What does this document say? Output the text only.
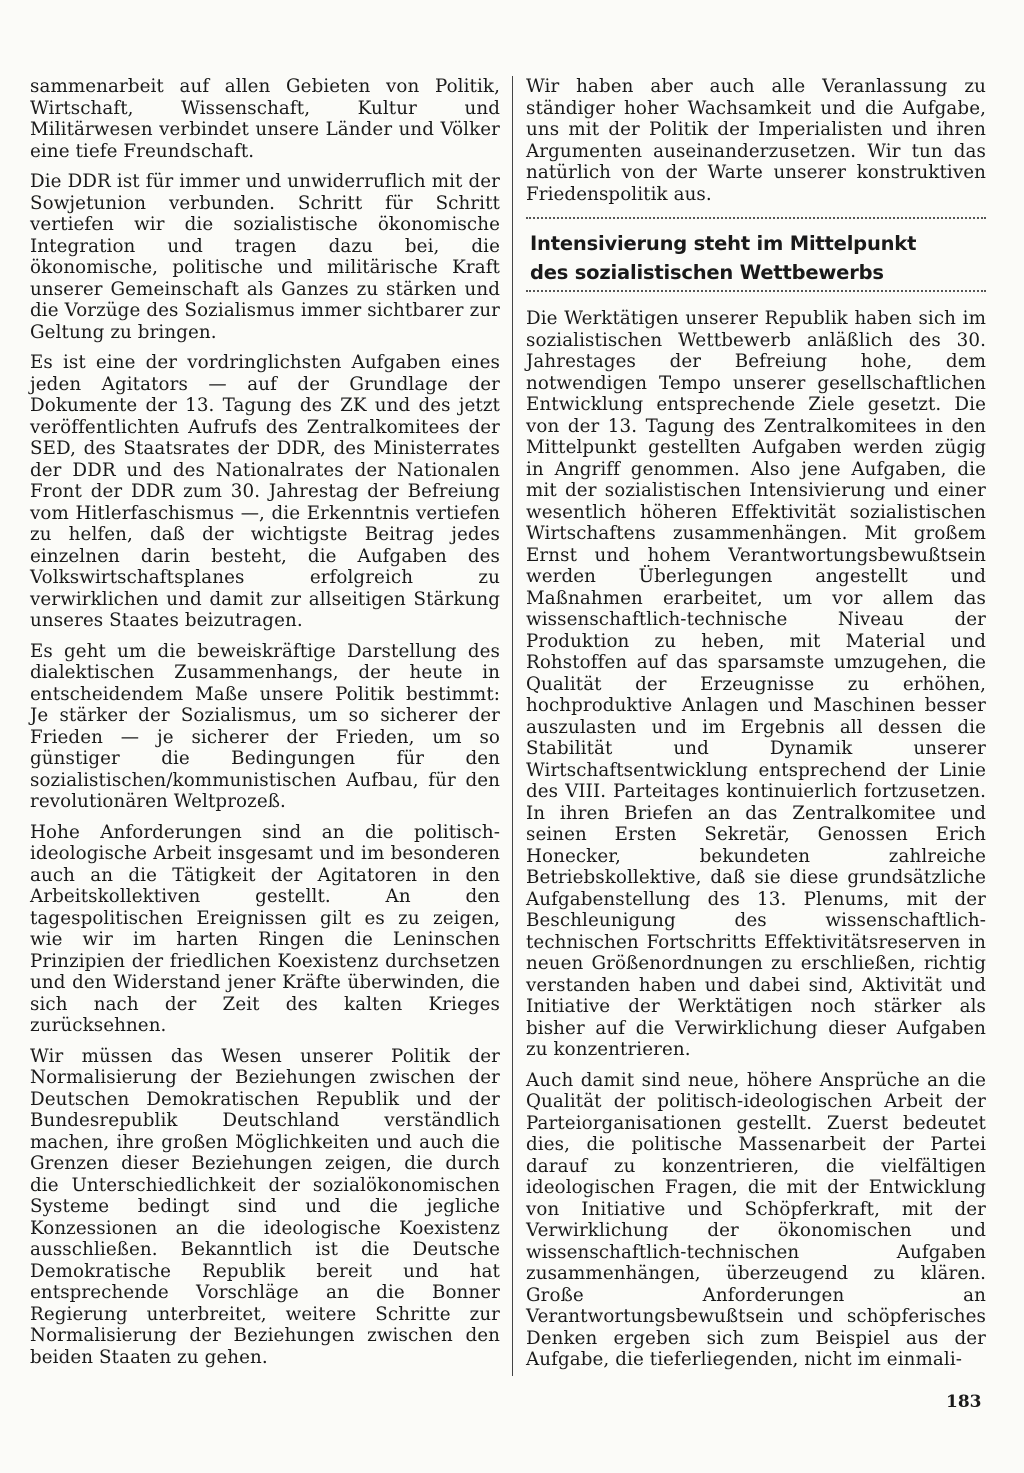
sammenarbeit auf allen Gebieten von Politik, Wirtschaft, Wissenschaft, Kultur und Militärwesen verbindet unsere Länder und Völker eine tiefe Freundschaft.

Die DDR ist für immer und unwiderruflich mit der Sowjetunion verbunden. Schritt für Schritt vertiefen wir die sozialistische ökonomische Integration und tragen dazu bei, die ökonomische, politische und militärische Kraft unserer Gemeinschaft als Ganzes zu stärken und die Vorzüge des Sozialismus immer sichtbarer zur Geltung zu bringen.

Es ist eine der vordringlichsten Aufgaben eines jeden Agitators — auf der Grundlage der Dokumente der 13. Tagung des ZK und des jetzt veröffentlichten Aufrufs des Zentralkomitees der SED, des Staatsrates der DDR, des Ministerrates der DDR und des Nationalrates der Nationalen Front der DDR zum 30. Jahrestag der Befreiung vom Hitlerfaschismus —, die Erkenntnis vertiefen zu helfen, daß der wichtigste Beitrag jedes einzelnen darin besteht, die Aufgaben des Volkswirtschaftsplanes erfolgreich zu verwirklichen und damit zur allseitigen Stärkung unseres Staates beizutragen.

Es geht um die beweiskräftige Darstellung des dialektischen Zusammenhangs, der heute in entscheidendem Maße unsere Politik bestimmt: Je stärker der Sozialismus, um so sicherer der Frieden — je sicherer der Frieden, um so günstiger die Bedingungen für den sozialistischen/kommunistischen Aufbau, für den revolutionären Weltprozeß.

Hohe Anforderungen sind an die politisch-ideologische Arbeit insgesamt und im besonderen auch an die Tätigkeit der Agitatoren in den Arbeitskollektiven gestellt. An den tagespolitischen Ereignissen gilt es zu zeigen, wie wir im harten Ringen die Leninschen Prinzipien der friedlichen Koexistenz durchsetzen und den Widerstand jener Kräfte überwinden, die sich nach der Zeit des kalten Krieges zurücksehnen.

Wir müssen das Wesen unserer Politik der Normalisierung der Beziehungen zwischen der Deutschen Demokratischen Republik und der Bundesrepublik Deutschland verständlich machen, ihre großen Möglichkeiten und auch die Grenzen dieser Beziehungen zeigen, die durch die Unterschiedlichkeit der sozialökonomischen Systeme bedingt sind und die jegliche Konzessionen an die ideologische Koexistenz ausschließen. Bekanntlich ist die Deutsche Demokratische Republik bereit und hat entsprechende Vorschläge an die Bonner Regierung unterbreitet, weitere Schritte zur Normalisierung der Beziehungen zwischen den beiden Staaten zu gehen.

Wir haben aber auch alle Veranlassung zu ständiger hoher Wachsamkeit und die Aufgabe, uns mit der Politik der Imperialisten und ihren Argumenten auseinanderzusetzen. Wir tun das natürlich von der Warte unserer konstruktiven Friedenspolitik aus.

Intensivierung steht im Mittelpunkt
des sozialistischen Wettbewerbs

Die Werktätigen unserer Republik haben sich im sozialistischen Wettbewerb anläßlich des 30. Jahrestages der Befreiung hohe, dem notwendigen Tempo unserer gesellschaftlichen Entwicklung entsprechende Ziele gesetzt. Die von der 13. Tagung des Zentralkomitees in den Mittelpunkt gestellten Aufgaben werden zügig in Angriff genommen. Also jene Aufgaben, die mit der sozialistischen Intensivierung und einer wesentlich höheren Effektivität sozialistischen Wirtschaftens zusammenhängen. Mit großem Ernst und hohem Verantwortungsbewußtsein werden Überlegungen angestellt und Maßnahmen erarbeitet, um vor allem das wissenschaftlich-technische Niveau der Produktion zu heben, mit Material und Rohstoffen auf das sparsamste umzugehen, die Qualität der Erzeugnisse zu erhöhen, hochproduktive Anlagen und Maschinen besser auszulasten und im Ergebnis all dessen die Stabilität und Dynamik unserer Wirtschaftsentwicklung entsprechend der Linie des VIII. Parteitages kontinuierlich fortzusetzen. In ihren Briefen an das Zentralkomitee und seinen Ersten Sekretär, Genossen Erich Honecker, bekundeten zahlreiche Betriebskollektive, daß sie diese grundsätzliche Aufgabenstellung des 13. Plenums, mit der Beschleunigung des wissenschaftlich-technischen Fortschritts Effektivitätsreserven in neuen Größenordnungen zu erschließen, richtig verstanden haben und dabei sind, Aktivität und Initiative der Werktätigen noch stärker als bisher auf die Verwirklichung dieser Aufgaben zu konzentrieren.

Auch damit sind neue, höhere Ansprüche an die Qualität der politisch-ideologischen Arbeit der Parteiorganisationen gestellt. Zuerst bedeutet dies, die politische Massenarbeit der Partei darauf zu konzentrieren, die vielfältigen ideologischen Fragen, die mit der Entwicklung von Initiative und Schöpferkraft, mit der Verwirklichung der ökonomischen und wissenschaftlich-technischen Aufgaben zusammenhängen, überzeugend zu klären. Große Anforderungen an Verantwortungsbewußtsein und schöpferisches Denken ergeben sich zum Beispiel aus der Aufgabe, die tieferliegenden, nicht im einmali-

183
